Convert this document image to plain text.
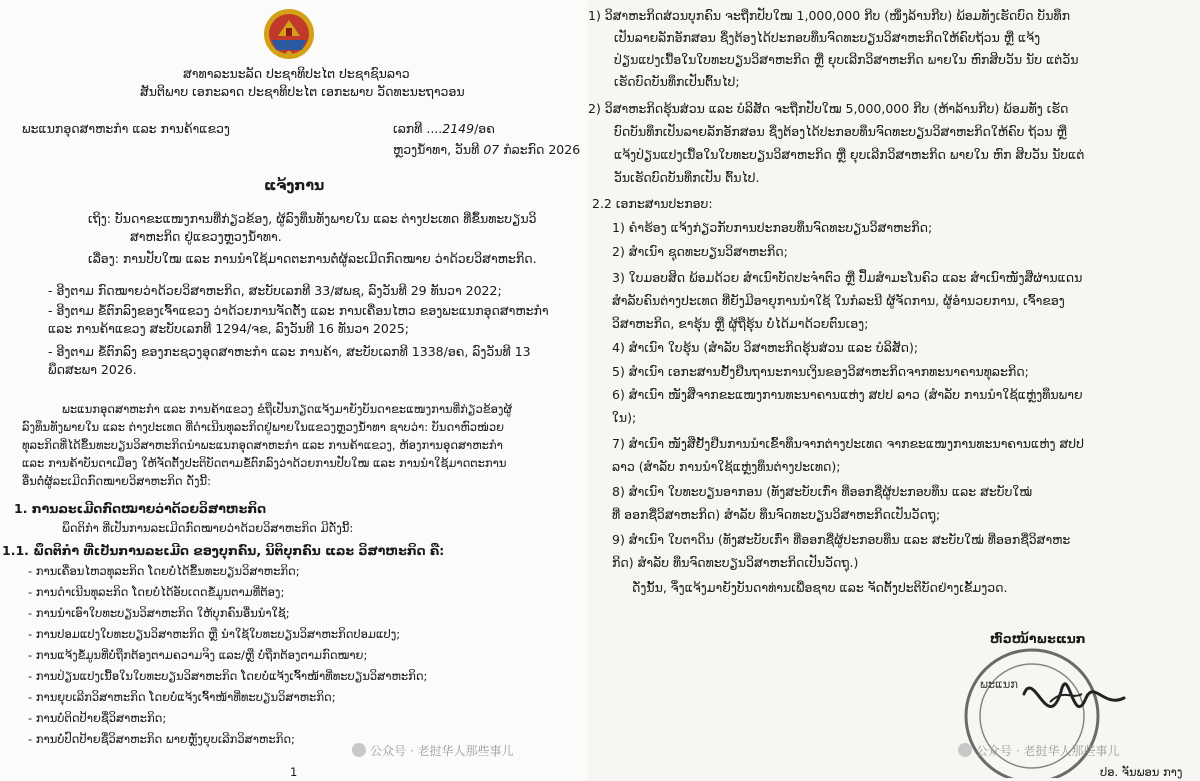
ສາທາລະນະລັດ ປະຊາທິປະໄຕ ປະຊາຊົນລາວ
ສັນຕິພາບ ເອກະລາດ ປະຊາທິປະໄຕ ເອກະພາບ ວັດທະນະຖາວອນ
ພະແນກອຸດສາຫະກຳ ແລະ ການຄ້າແຂວງ	ເລກທີ ....2149/ອຄ
ຫຼວງນ້ຳທາ, ວັນທີ 07 ກໍລະກົດ 2026
ແຈ້ງການ
ເຖິງ: ບັນດາຂະແໜງການທີ່ກ່ຽວຂ້ອງ, ຜູ້ລົງທຶນທັງພາຍໃນ ແລະ ຕ່າງປະເທດ ທີ່ຂຶ້ນທະບຽນວິ
ສາຫະກິດ ຢູ່ແຂວງຫຼວງນ້ຳທາ.
ເລື່ອງ: ການປັບໃໝ ແລະ ການນຳໃຊ້ມາດຕະການຕໍ່ຜູ້ລະເມີດກົດໝາຍ ວ່າດ້ວຍວິສາຫະກິດ.
- ອີງຕາມ ກົດໝາຍວ່າດ້ວຍວິສາຫະກິດ, ສະບັບເລກທີ 33/ສພຊ, ລົງວັນທີ 29 ທັນວາ 2022;
- ອີງຕາມ ຂໍ້ຕົກລົງຂອງເຈົ້າແຂວງ ວ່າດ້ວຍການຈັດຕັ້ງ ແລະ ການເຄື່ອນໄຫວ ຂອງພະແນກອຸດສາຫະກຳ
ແລະ ການຄ້າແຂວງ ສະບັບເລກທີ 1294/ຈຂ, ລົງວັນທີ 16 ທັນວາ 2025;
- ອີງຕາມ ຂໍ້ຕົກລົງ ຂອງກະຊວງອຸດສາຫະກຳ ແລະ ການຄ້າ, ສະບັບເລກທີ 1338/ອຄ, ລົງວັນທີ 13
ພຶດສະພາ 2026.
ພະແນກອຸດສາຫະກຳ ແລະ ການຄ້າແຂວງ ຂໍຖືເປັນກຽດແຈ້ງມາຍັງບັນດາຂະແໜງການທີ່ກ່ຽວຂ້ອງຜູ້
ລົງທຶນທັງພາຍໃນ ແລະ ຕ່າງປະເທດ ທີ່ດຳເນີນທຸລະກິດຢູ່ພາຍໃນແຂວງຫຼວງນ້ຳທາ ຊາບວ່າ: ບັນດາຫົວໜ່ວຍ
ທຸລະກິດທີ່ໄດ້ຂຶ້ນທະບຽນວິສາຫະກິດນຳພະແນກອຸດສາຫະກຳ ແລະ ການຄ້າແຂວງ, ຫ້ອງການອຸດສາຫະກຳ
ແລະ ການຄ້າບັນດາເມືອງ ໃຫ້ຈັດຕັ້ງປະຕິບັດຕາມຂໍ້ຕົກລົງວ່າດ້ວຍການປັບໃໝ ແລະ ການນຳໃຊ້ມາດຕະການ
ອື່ນຕໍ່ຜູ້ລະເມີດກົດໝາຍວິສາຫະກິດ ດັ່ງນີ້:
1. ການລະເມີດກົດໝາຍວ່າດ້ວຍວິສາຫະກິດ
ພຶດຕິກຳ ທີ່ເປັນການລະເມີດກົດໝາຍວ່າດ້ວຍວິສາຫະກິດ ມີດັ່ງນີ້:
1.1. ພຶດຕິກຳ ທີ່ເປັນການລະເມີດ ຂອງບຸກຄົນ, ນິຕິບຸກຄົນ ແລະ ວິສາຫະກິດ ຄື:
- ການເຄື່ອນໄຫວທຸລະກິດ ໂດຍບໍ່ໄດ້ຂຶ້ນທະບຽນວິສາຫະກິດ;
- ການດຳເນີນທຸລະກິດ ໂດຍບໍ່ໄດ້ອັບເດດຂໍ້ມູນຕາມທີ່ຕ້ອງ;
- ການນຳເອົາໃບທະບຽນວິສາຫະກິດ ໃຫ້ບຸກຄົນອື່ນນຳໃຊ້;
- ການປອມແປງໃບທະບຽນວິສາຫະກິດ ຫຼື ນຳໃຊ້ໃບທະບຽນວິສາຫະກິດປອມແປງ;
- ການແຈ້ງຂໍ້ມູນທີ່ບໍ່ຖືກຕ້ອງຕາມຄວາມຈິງ ແລະ/ຫຼື ບໍ່ຖືກຕ້ອງຕາມກົດໝາຍ;
- ການປ່ຽນແປງເນື້ອໃນໃບທະບຽນວິສາຫະກິດ ໂດຍບໍ່ແຈ້ງເຈົ້າໜ້າທີ່ທະບຽນວິສາຫະກິດ;
- ການຍຸບເລີກວິສາຫະກິດ ໂດຍບໍ່ແຈ້ງເຈົ້າໜ້າທີ່ທະບຽນວິສາຫະກິດ;
- ການບໍ່ຕິດປ້າຍຊື່ວິສາຫະກິດ;
- ການບໍ່ປົດປ້າຍຊື່ວິສາຫະກິດ ພາຍຫຼັງຍຸບເລີກວິສາຫະກິດ;
公众号 · 老挝华人那些事儿
1
1) ວິສາຫະກິດສ່ວນບຸກຄົນ ຈະຖືກປັບໃໝ 1,000,000 ກີບ (ໜຶ່ງລ້ານກີບ) ພ້ອມທັງເຮັດບົດ ບັນທຶກ
ເປັນລາຍລັກອັກສອນ ຊຶ່ງຕ້ອງໄດ້ປະກອບທຶນຈົດທະບຽນວິສາຫະກິດໃຫ້ຄົບຖ້ວນ ຫຼື ແຈ້ງ
ປ່ຽນແປງເນື້ອໃນໃບທະບຽນວິສາຫະກິດ ຫຼື ຍຸບເລີກວິສາຫະກິດ ພາຍໃນ ຫົກສິບວັນ ນັບ ແຕ່ວັນ
ເຮັດບົດບັນທຶກເປັນຕົ້ນໄປ;
2) ວິສາຫະກິດຮຸ້ນສ່ວນ ແລະ ບໍລິສັດ ຈະຖືກປັບໃໝ 5,000,000 ກີບ (ຫ້າລ້ານກີບ) ພ້ອມທັງ ເຮັດ
ບົດບັນທຶກເປັນລາຍລັກອັກສອນ ຊຶ່ງຕ້ອງໄດ້ປະກອບທຶນຈົດທະບຽນວິສາຫະກິດໃຫ້ຄົບ ຖ້ວນ ຫຼື
ແຈ້ງປ່ຽນແປງເນື້ອໃນໃບທະບຽນວິສາຫະກິດ ຫຼື ຍຸບເລີກວິສາຫະກິດ ພາຍໃນ ຫົກ ສິບວັນ ນັບແຕ່
ວັນເຮັດບົດບັນທຶກເປັນ ຕົ້ນໄປ.
2.2 ເອກະສານປະກອບ:
1) ຄຳຮ້ອງ ແຈ້ງກ່ຽວກັບການປະກອບທຶນຈົດທະບຽນວິສາຫະກິດ;
2) ສຳເນົາ ຊຸດທະບຽນວິສາຫະກິດ;
3) ໃບມອບສິດ ພ້ອມດ້ວຍ ສຳເນົາບັດປະຈຳຕົວ ຫຼື ປຶ້ມສຳມະໂນຄົວ ແລະ ສຳເນົາໜັງສືຜ່ານແດນ
ສຳລັບຄົນຕ່າງປະເທດ ທີ່ຍັງມີອາຍຸການນຳໃຊ້ ໃນກໍລະນີ ຜູ້ຈັດການ, ຜູ້ອຳນວຍການ, ເຈົ້າຂອງ
ວິສາຫະກິດ, ຂາຮຸ້ນ ຫຼື ຜູ້ຖືຮຸ້ນ ບໍ່ໄດ້ມາດ້ວຍຕົນເອງ;
4) ສຳເນົາ ໃບຮຸ້ນ (ສຳລັບ ວິສາຫະກິດຮຸ້ນສ່ວນ ແລະ ບໍລິສັດ);
5) ສຳເນົາ ເອກະສານຢັ້ງຢືນຖານະການເງິນຂອງວິສາຫະກິດຈາກທະນາຄານທຸລະກິດ;
6) ສຳເນົາ ໜັງສືຈາກຂະແໜງການທະນາຄານແຫ່ງ ສປປ ລາວ (ສຳລັບ ການນຳໃຊ້ແຫຼ່ງທຶນພາຍ
ໃນ);
7) ສຳເນົາ ໜັງສືຢັ້ງຢືນການນຳເຂົ້າທຶນຈາກຕ່າງປະເທດ ຈາກຂະແໜງການທະນາຄານແຫ່ງ ສປປ
ລາວ (ສຳລັບ ການນຳໃຊ້ແຫຼ່ງທຶນຕ່າງປະເທດ);
8) ສຳເນົາ ໃບທະບຽນອາກອນ (ທັງສະບັບເກົ່າ ທີ່ອອກຊື່ຜູ້ປະກອບທຶນ ແລະ ສະບັບໃໝ່
ທີ່ ອອກຊື່ວິສາຫະກິດ) ສຳລັບ ທຶນຈົດທະບຽນວິສາຫະກິດເປັນວັດຖຸ;
9) ສຳເນົາ ໃບຕາດິນ (ທັງສະບັບເກົ່າ ທີ່ອອກຊື່ຜູ້ປະກອບທຶນ ແລະ ສະບັບໃໝ່ ທີ່ອອກຊື່ວິສາຫະ
ກິດ) ສຳລັບ ທຶນຈົດທະບຽນວິສາຫະກິດເປັນວັດຖຸ.)
ດັ່ງນັ້ນ, ຈຶ່ງແຈ້ງມາຍັງບັນດາທ່ານເພື່ອຊາບ ແລະ ຈັດຕັ້ງປະຕິບັດຢ່າງເຂັ້ມງວດ.
ຫົວໜ້າພະແນກ
ພະແນກ
公众号 · 老挝华人那些事儿
ປອ. ຈັນພອນ ກາງ
